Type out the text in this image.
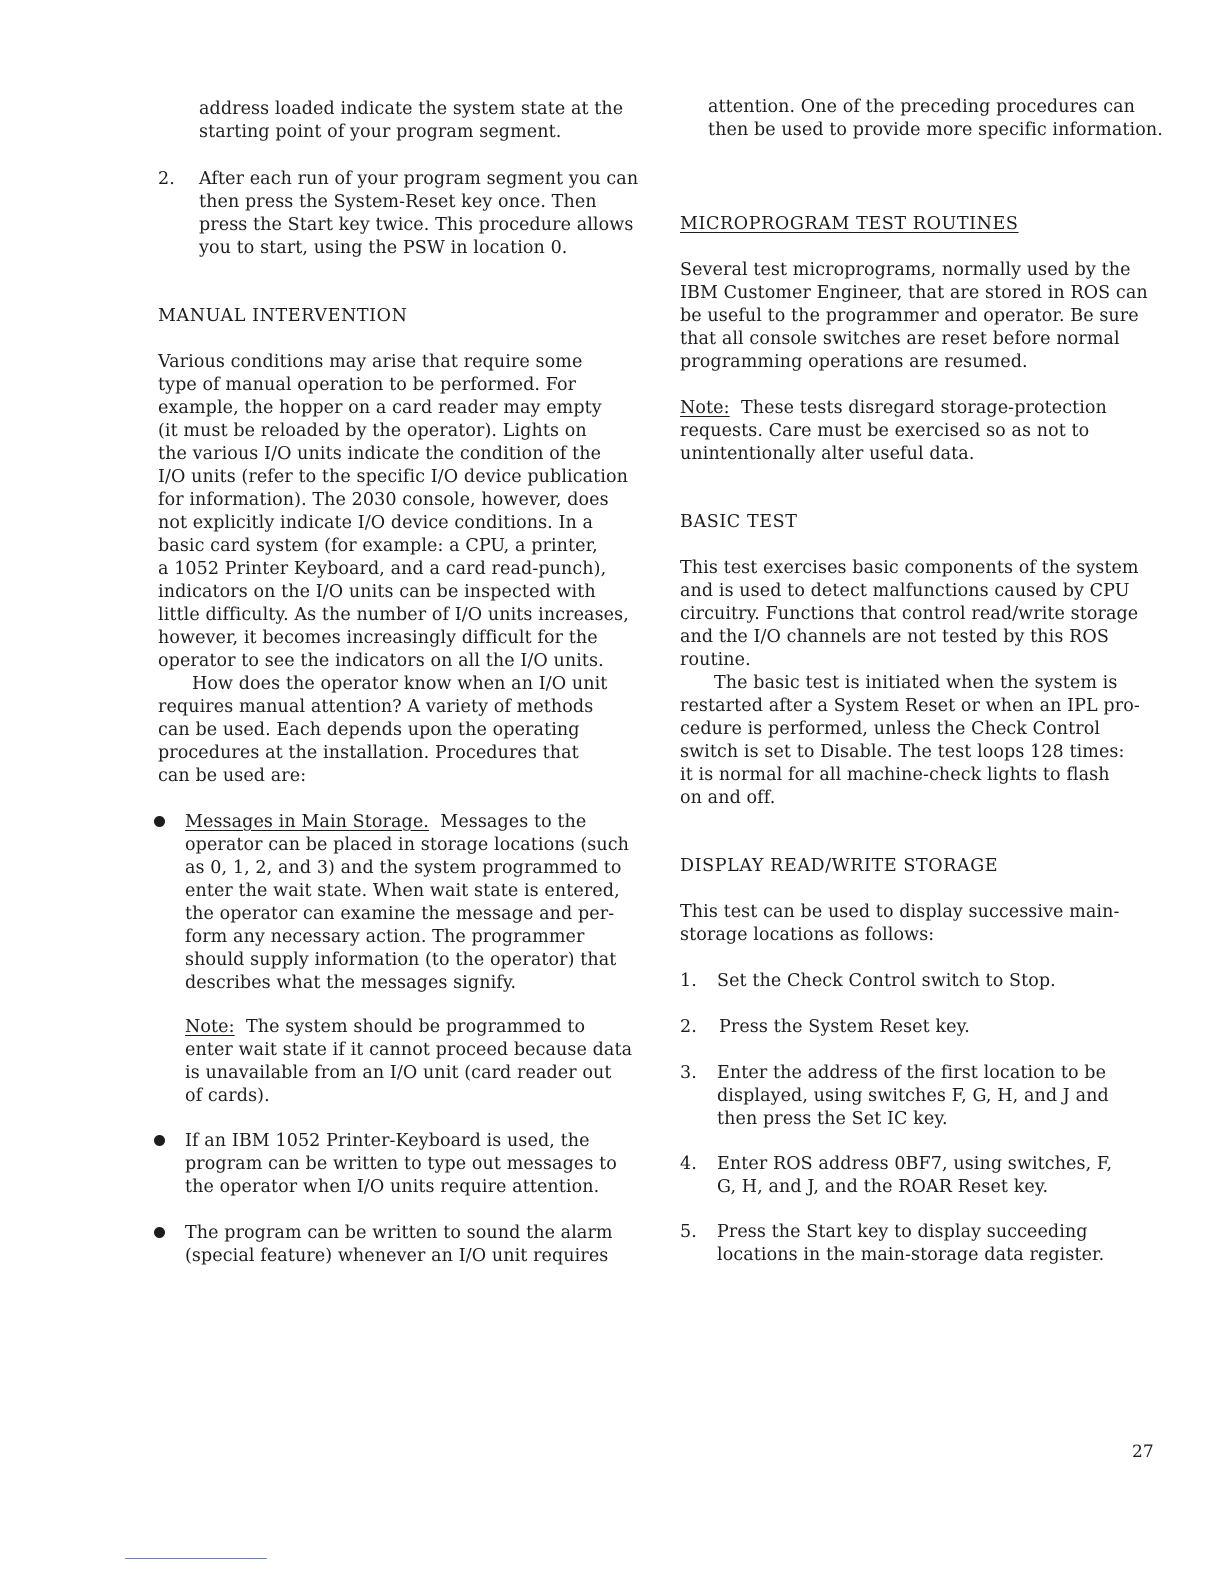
address loaded indicate the system state at the
starting point of your program segment.
2. After each run of your program segment you can
then press the System-Reset key once. Then
press the Start key twice. This procedure allows
you to start, using the PSW in location 0.
MANUAL INTERVENTION
Various conditions may arise that require some
type of manual operation to be performed. For
example, the hopper on a card reader may empty
(it must be reloaded by the operator). Lights on
the various I/O units indicate the condition of the
I/O units (refer to the specific I/O device publication
for information). The 2030 console, however, does
not explicitly indicate I/O device conditions. In a
basic card system (for example: a CPU, a printer,
a 1052 Printer Keyboard, and a card read-punch),
indicators on the I/O units can be inspected with
little difficulty. As the number of I/O units increases,
however, it becomes increasingly difficult for the
operator to see the indicators on all the I/O units.
How does the operator know when an I/O unit
requires manual attention? A variety of methods
can be used. Each depends upon the operating
procedures at the installation. Procedures that
can be used are:
Messages in Main Storage.  Messages to the
operator can be placed in storage locations (such
as 0, 1, 2, and 3) and the system programmed to
enter the wait state. When wait state is entered,
the operator can examine the message and per-
form any necessary action. The programmer
should supply information (to the operator) that
describes what the messages signify.
Note:  The system should be programmed to
enter wait state if it cannot proceed because data
is unavailable from an I/O unit (card reader out
of cards).
If an IBM 1052 Printer-Keyboard is used, the
program can be written to type out messages to
the operator when I/O units require attention.
The program can be written to sound the alarm
(special feature) whenever an I/O unit requires
attention. One of the preceding procedures can
then be used to provide more specific information.
MICROPROGRAM TEST ROUTINES
Several test microprograms, normally used by the
IBM Customer Engineer, that are stored in ROS can
be useful to the programmer and operator. Be sure
that all console switches are reset before normal
programming operations are resumed.
Note:  These tests disregard storage-protection
requests. Care must be exercised so as not to
unintentionally alter useful data.
BASIC TEST
This test exercises basic components of the system
and is used to detect malfunctions caused by CPU
circuitry. Functions that control read/write storage
and the I/O channels are not tested by this ROS
routine.
The basic test is initiated when the system is
restarted after a System Reset or when an IPL pro-
cedure is performed, unless the Check Control
switch is set to Disable. The test loops 128 times:
it is normal for all machine-check lights to flash
on and off.
DISPLAY READ/WRITE STORAGE
This test can be used to display successive main-
storage locations as follows:
1. Set the Check Control switch to Stop.
2. Press the System Reset key.
3. Enter the address of the first location to be
displayed, using switches F, G, H, and J and
then press the Set IC key.
4. Enter ROS address 0BF7, using switches, F,
G, H, and J, and the ROAR Reset key.
5. Press the Start key to display succeeding
locations in the main-storage data register.
27
